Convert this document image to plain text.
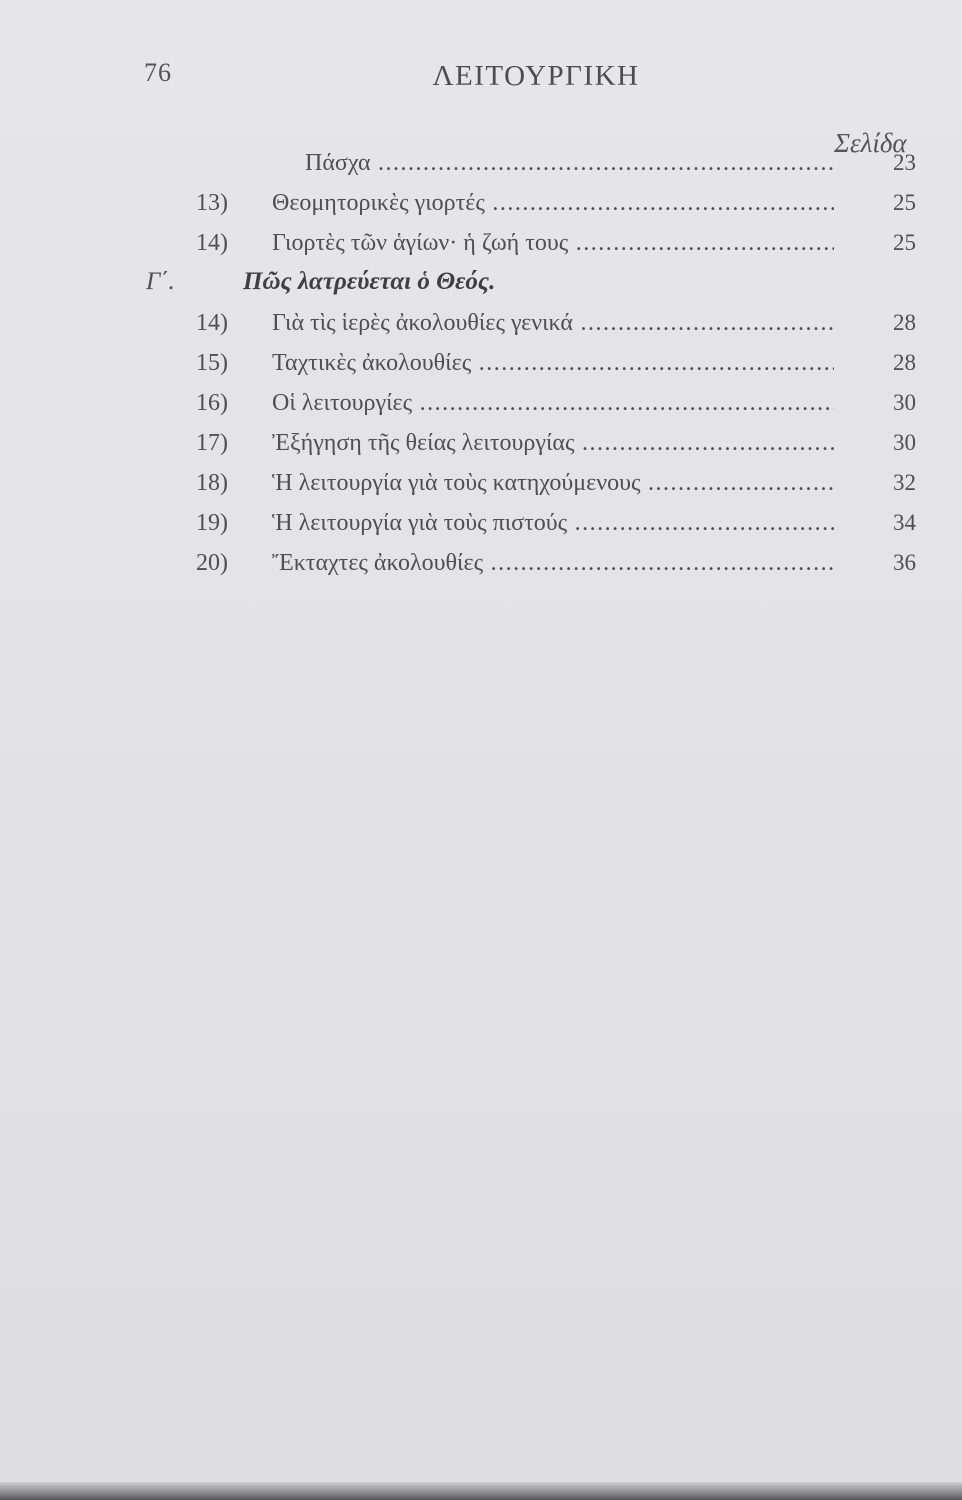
76	ΛΕΙΤΟΥΡΓΙΚΗ
Σελίδα
Πάσχα .....	23
13)	Θεομητορικὲς γιορτές .....	25
14)	Γιορτὲς τῶν ἁγίων· ἡ ζωή τους .....	25
Γ΄.	Πῶς λατρεύεται ὁ Θεός.
14)	Γιὰ τὶς ἱερὲς ἀκολουθίες γενικά .....	28
15)	Ταχτικὲς ἀκολουθίες .....	28
16)	Οἱ λειτουργίες .....	30
17)	Ἐξήγηση τῆς θείας λειτουργίας .....	30
18)	Ἡ λειτουργία γιὰ τοὺς κατηχούμενους .....	32
19)	Ἡ λειτουργία γιὰ τοὺς πιστούς .....	34
20)	Ἔκταχτες ἀκολουθίες .....	36
